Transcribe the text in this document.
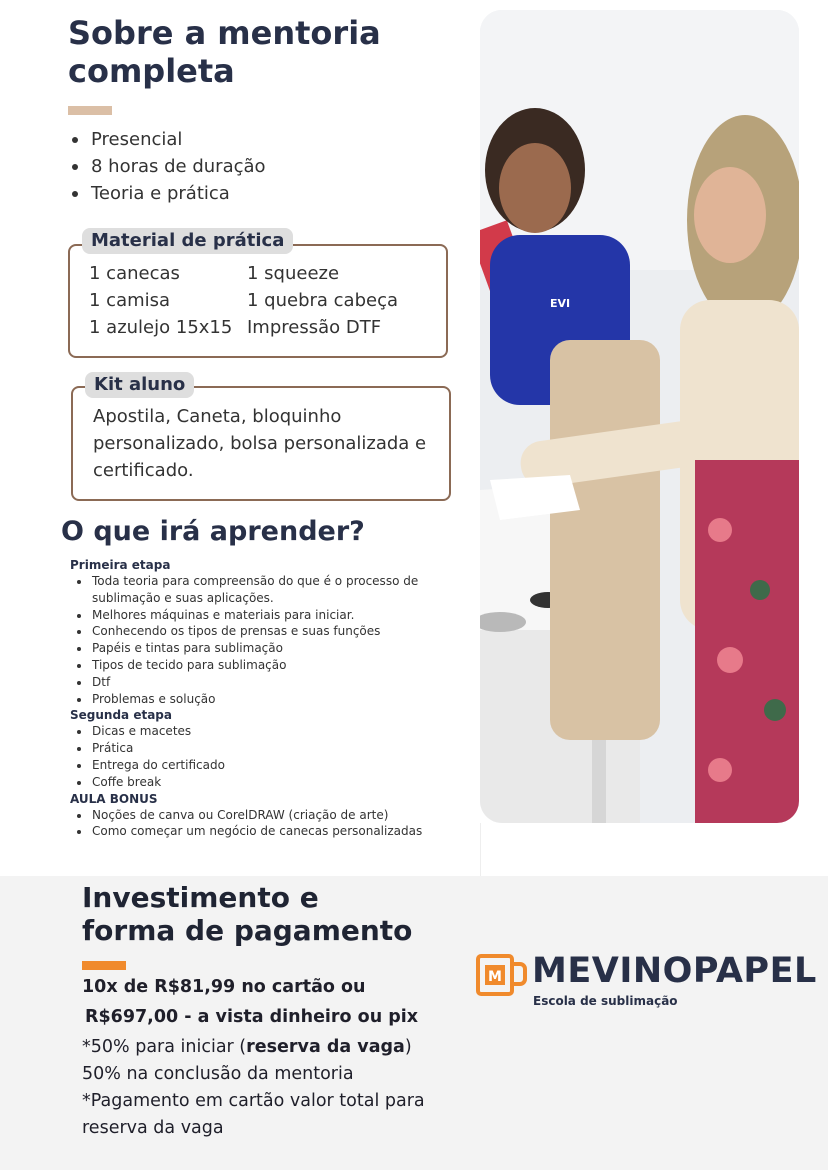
Sobre a mentoria
completa
Presencial
8 horas de duração
Teoria e prática
Material de prática
1 canecas	1 squeeze
1 camisa	1 quebra cabeça
1 azulejo 15x15 Impressão DTF
Kit aluno
Apostila, Caneta, bloquinho personalizado, bolsa personalizada e certificado.
O que irá aprender?
Primeira etapa
Toda teoria para compreensão do que é o processo de sublimação e suas aplicações.
Melhores máquinas e materiais para iniciar.
Conhecendo os tipos de prensas e suas funções
Papéis e tintas para sublimação
Tipos de tecido para sublimação
Dtf
Problemas e solução
Segunda etapa
Dicas e macetes
Prática
Entrega do certificado
Coffe break
AULA BONUS
Noções de canva ou CorelDRAW (criação de arte)
Como começar um negócio de canecas personalizadas
EVI
Investimento e
forma de pagamento
10x de R$81,99 no cartão ou
R$697,00 - a vista dinheiro ou pix
*50% para iniciar (reserva da vaga)
50% na conclusão da mentoria
*Pagamento em cartão valor total para reserva da vaga
M MEVINOPAPEL
Escola de sublimação
